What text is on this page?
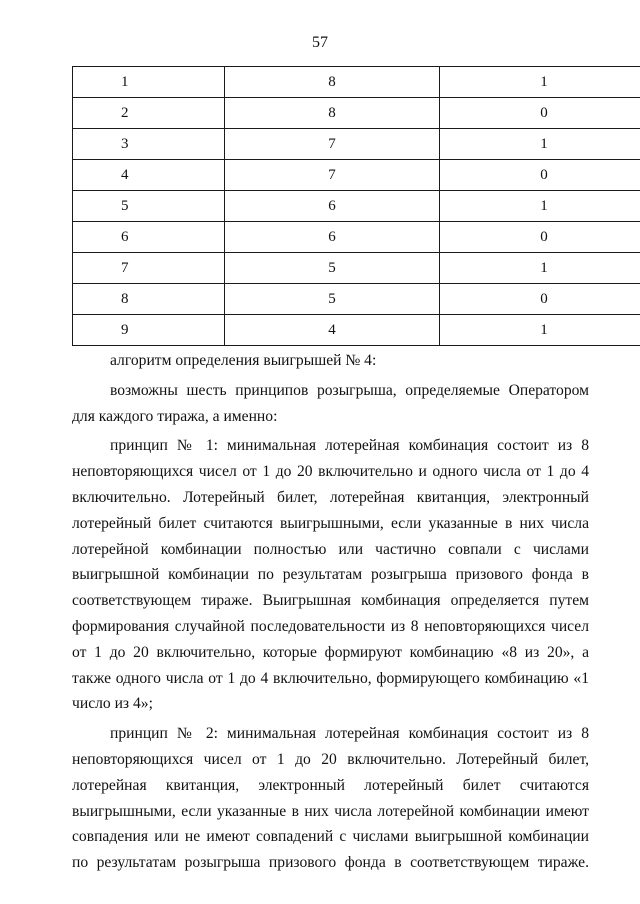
57
1	8	1
2	8	0
3	7	1
4	7	0
5	6	1
6	6	0
7	5	1
8	5	0
9	4	1

алгоритм определения выигрышей № 4:

возможны шесть принципов розыгрыша, определяемые Оператором для каждого тиража, а именно:

принцип № 1: минимальная лотерейная комбинация состоит из 8 неповторяющихся чисел от 1 до 20 включительно и одного числа от 1 до 4 включительно. Лотерейный билет, лотерейная квитанция, электронный лотерейный билет считаются выигрышными, если указанные в них числа лотерейной комбинации полностью или частично совпали с числами выигрышной комбинации по результатам розыгрыша призового фонда в соответствующем тираже. Выигрышная комбинация определяется путем формирования случайной последовательности из 8 неповторяющихся чисел от 1 до 20 включительно, которые формируют комбинацию «8 из 20», а также одного числа от 1 до 4 включительно, формирующего комбинацию «1 число из 4»;

принцип № 2: минимальная лотерейная комбинация состоит из 8 неповторяющихся чисел от 1 до 20 включительно. Лотерейный билет, лотерейная квитанция, электронный лотерейный билет считаются выигрышными, если указанные в них числа лотерейной комбинации имеют совпадения или не имеют совпадений с числами выигрышной комбинации по результатам розыгрыша призового фонда в соответствующем тираже.
